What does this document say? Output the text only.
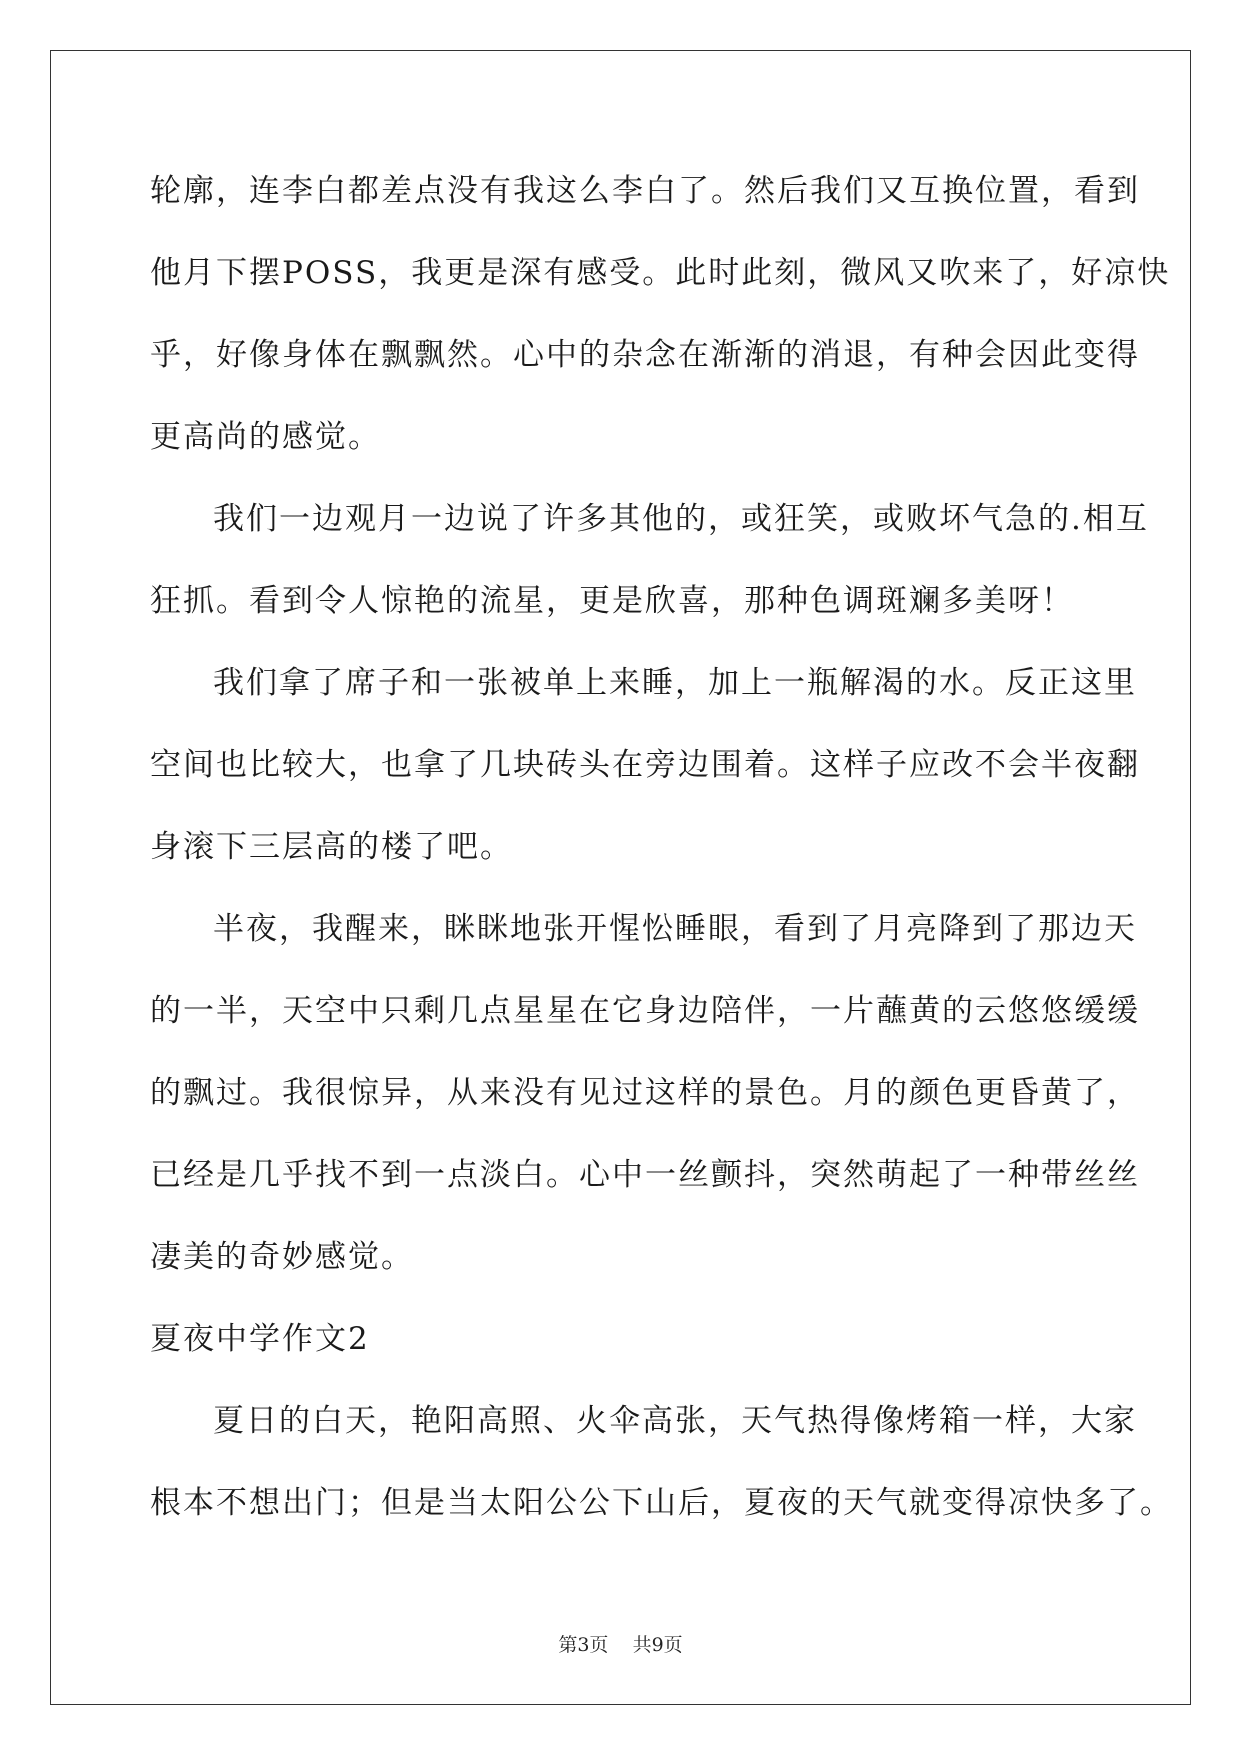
轮廓，连李白都差点没有我这么李白了。然后我们又互换位置，看到
他月下摆POSS，我更是深有感受。此时此刻，微风又吹来了，好凉快
乎，好像身体在飘飘然。心中的杂念在渐渐的消退，有种会因此变得
更高尚的感觉。
我们一边观月一边说了许多其他的，或狂笑，或败坏气急的.相互
狂抓。看到令人惊艳的流星，更是欣喜，那种色调斑斓多美呀！
我们拿了席子和一张被单上来睡，加上一瓶解渴的水。反正这里
空间也比较大，也拿了几块砖头在旁边围着。这样子应改不会半夜翻
身滚下三层高的楼了吧。
半夜，我醒来，眯眯地张开惺忪睡眼，看到了月亮降到了那边天
的一半，天空中只剩几点星星在它身边陪伴，一片蘸黄的云悠悠缓缓
的飘过。我很惊异，从来没有见过这样的景色。月的颜色更昏黄了，
已经是几乎找不到一点淡白。心中一丝颤抖，突然萌起了一种带丝丝
凄美的奇妙感觉。
夏夜中学作文2
夏日的白天，艳阳高照、火伞高张，天气热得像烤箱一样，大家
根本不想出门；但是当太阳公公下山后，夏夜的天气就变得凉快多了。
第3页 共9页
